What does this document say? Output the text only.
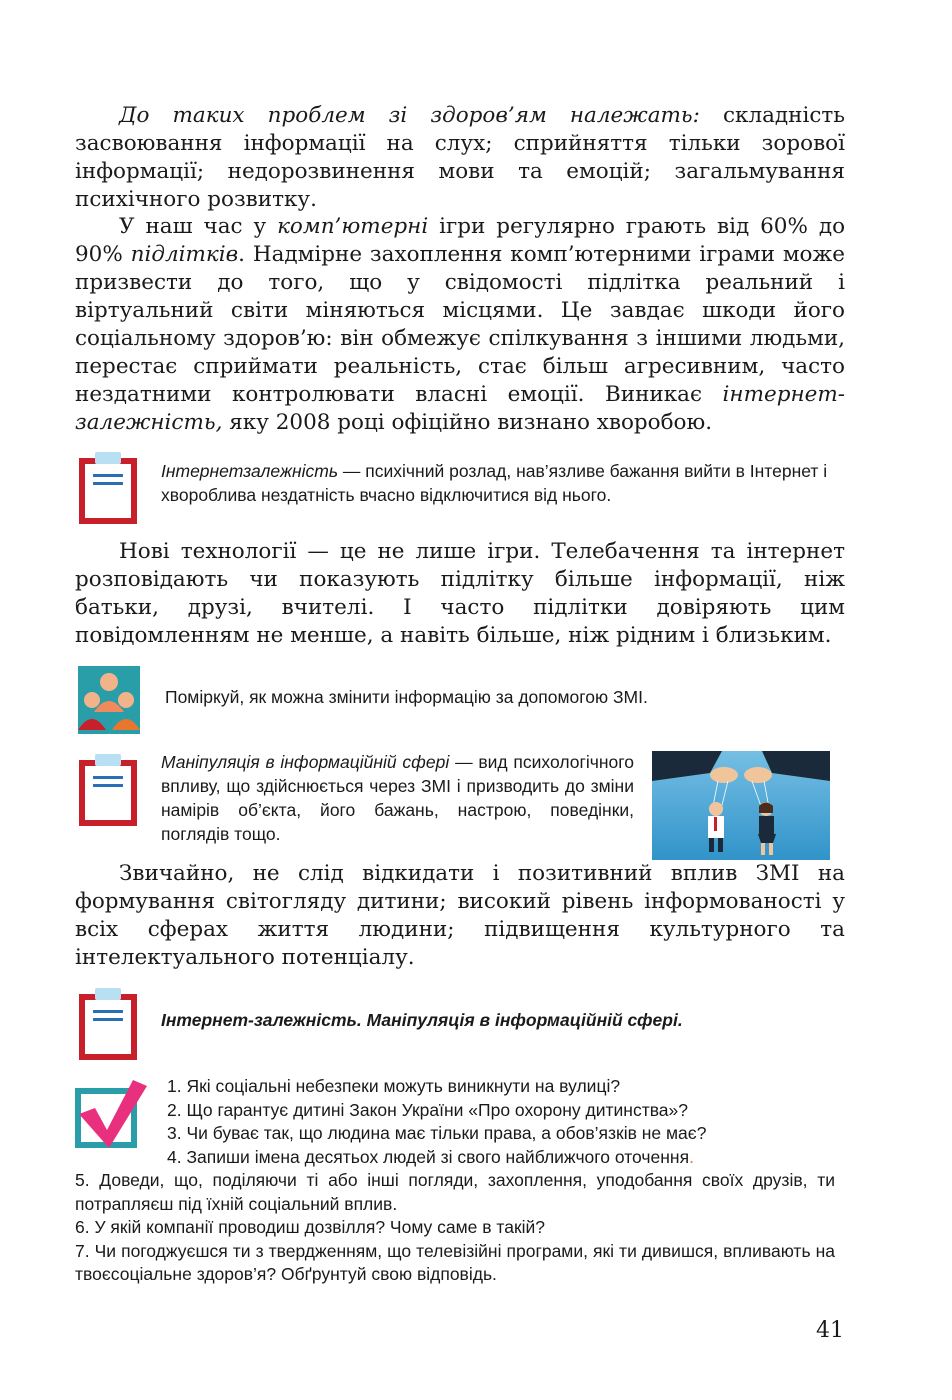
До таких проблем зі здоров’ям належать: складність засвоювання інформації на слух; сприйняття тільки зорової інформації; недорозвинення мови та емоцій; загальмування психічного розвитку.

У наш час у комп’ютерні ігри регулярно грають від 60% до 90% підлітків. Надмірне захоплення комп’ютерними іграми може призвести до того, що у свідомості підлітка реальний і віртуальний світи міняються місцями. Це завдає шкоди його соціальному здоров’ю: він обмежує спілкування з іншими людьми, перестає сприймати реальність, стає більш агресивним, часто нездатними контролювати власні емоції. Виникає інтернет-залежність, яку 2008 році офіційно визнано хворобою.

Інтернетзалежність — психічний розлад, нав’язливе бажання вийти в Інтернет і хвороблива нездатність вчасно відключитися від нього.

Нові технології — це не лише ігри. Телебачення та інтернет розповідають чи показують підлітку більше інформації, ніж батьки, друзі, вчителі. І часто підлітки довіряють цим повідомленням не менше, а навіть більше, ніж рідним і близьким.

Поміркуй, як можна змінити інформацію за допомогою ЗМІ.
Маніпуляція в інформаційній сфері — вид психологічного впливу, що здійснюється через ЗМІ і призводить до зміни намірів об’єкта, його бажань, настрою, поведінки, поглядів тощо.

Звичайно, не слід відкидати і позитивний вплив ЗМІ на формування світогляду дитини; високий рівень інформованості у всіх сферах життя людини; підвищення культурного та інтелектуального потенціалу.

Інтернет-залежність. Маніпуляція в інформаційній сфері.
1. Які соціальні небезпеки можуть виникнути на вулиці?
2. Що гарантує дитині Закон України «Про охорону дитинства»?
3. Чи буває так, що людина має тільки права, а обов’язків не має?
4. Запиши імена десятьох людей зі свого найближчого оточення.
5. Доведи, що, поділяючи ті або інші погляди, захоплення, уподобання своїх друзів, ти потрапляєш під їхній соціальний вплив.
6. У якій компанії проводиш дозвілля? Чому саме в такій?
7. Чи погоджуєшся ти з твердженням, що телевізійні програми, які ти дивишся, впливають на твоєсоціальне здоров’я? Обґрунтуй свою відповідь.
41
